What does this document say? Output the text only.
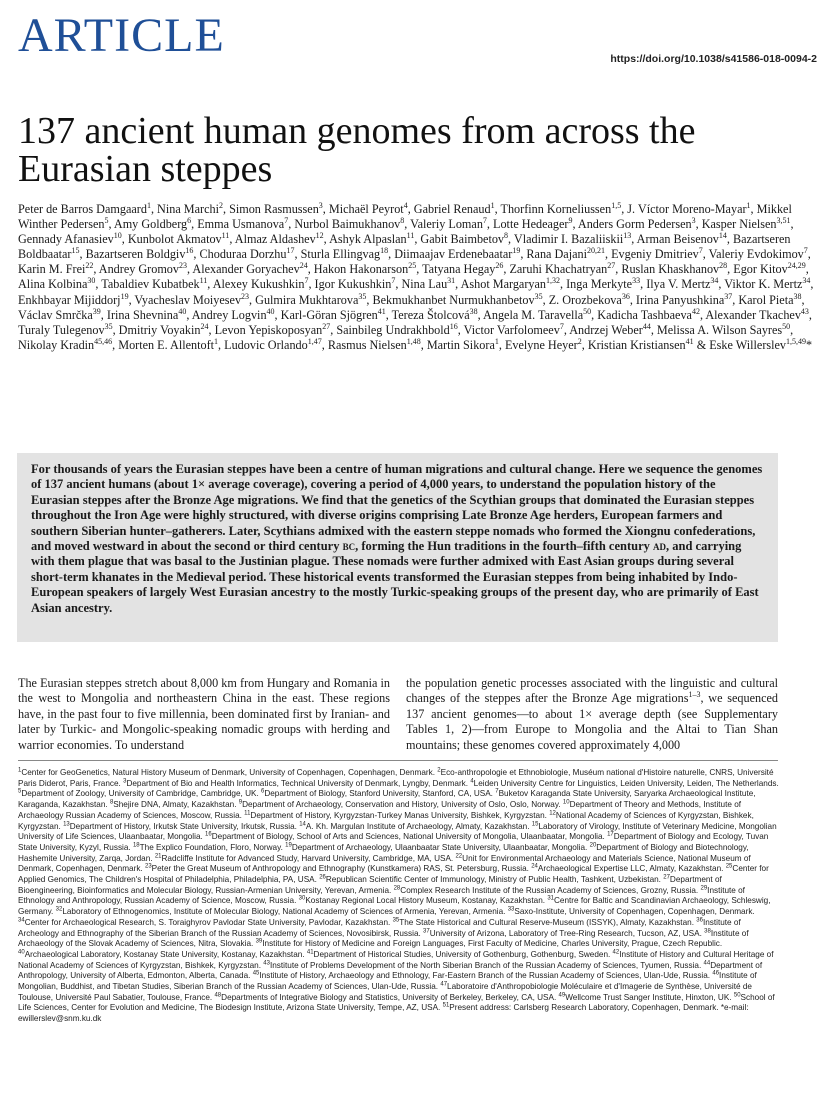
ARTICLE	https://doi.org/10.1038/s41586-018-0094-2
137 ancient human genomes from across the Eurasian steppes
Peter de Barros Damgaard$^1$, Nina Marchi$^2$, Simon Rasmussen$^3$, Michaël Peyrot$^4$, Gabriel Renaud$^1$, Thorfinn Korneliussen$^{1,5}$, J. Víctor Moreno-Mayar$^1$, Mikkel Winther Pedersen$^5$, Amy Goldberg$^6$, Emma Usmanova$^7$, Nurbol Baimukhanov$^8$, Valeriy Loman$^7$, Lotte Hedeager$^9$, Anders Gorm Pedersen$^3$, Kasper Nielsen$^{3,51}$, Gennady Afanasiev$^{10}$, Kunbolot Akmatov$^{11}$, Almaz Aldashev$^{12}$, Ashyk Alpaslan$^{11}$, Gabit Baimbetov$^8$, Vladimir I. Bazaliiskii$^{13}$, Arman Beisenov$^{14}$, Bazartseren Boldbaatar$^{15}$, Bazartseren Boldgiv$^{16}$, Choduraa Dorzhu$^{17}$, Sturla Ellingvag$^{18}$, Diimaajav Erdenebaatar$^{19}$, Rana Dajani$^{20,21}$, Evgeniy Dmitriev$^7$, Valeriy Evdokimov$^7$, Karin M. Frei$^{22}$, Andrey Gromov$^{23}$, Alexander Goryachev$^{24}$, Hakon Hakonarson$^{25}$, Tatyana Hegay$^{26}$, Zaruhi Khachatryan$^{27}$, Ruslan Khaskhanov$^{28}$, Egor Kitov$^{24,29}$, Alina Kolbina$^{30}$, Tabaldiev Kubatbek$^{11}$, Alexey Kukushkin$^7$, Igor Kukushkin$^7$, Nina Lau$^{31}$, Ashot Margaryan$^{1,32}$, Inga Merkyte$^{33}$, Ilya V. Mertz$^{34}$, Viktor K. Mertz$^{34}$, Enkhbayar Mijiddorj$^{19}$, Vyacheslav Moiyesev$^{23}$, Gulmira Mukhtarova$^{35}$, Bekmukhanbet Nurmukhanbetov$^{35}$, Z. Orozbekova$^{36}$, Irina Panyushkina$^{37}$, Karol Pieta$^{38}$, Václav Smrčka$^{39}$, Irina Shevnina$^{40}$, Andrey Logvin$^{40}$, Karl-Göran Sjögren$^{41}$, Tereza Štolcová$^{38}$, Angela M. Taravella$^{50}$, Kadicha Tashbaeva$^{42}$, Alexander Tkachev$^{43}$, Turaly Tulegenov$^{35}$, Dmitriy Voyakin$^{24}$, Levon Yepiskoposyan$^{27}$, Sainbileg Undrakhbold$^{16}$, Victor Varfolomeev$^7$, Andrzej Weber$^{44}$, Melissa A. Wilson Sayres$^{50}$, Nikolay Kradin$^{45,46}$, Morten E. Allentoft$^1$, Ludovic Orlando$^{1,47}$, Rasmus Nielsen$^{1,48}$, Martin Sikora$^1$, Evelyne Heyer$^2$, Kristian Kristiansen$^{41}$ & Eske Willerslev$^{1,5,49}$*

For thousands of years the Eurasian steppes have been a centre of human migrations and cultural change. Here we sequence the genomes of 137 ancient humans (about 1× average coverage), covering a period of 4,000 years, to understand the population history of the Eurasian steppes after the Bronze Age migrations. We find that the genetics of the Scythian groups that dominated the Eurasian steppes throughout the Iron Age were highly structured, with diverse origins comprising Late Bronze Age herders, European farmers and southern Siberian hunter–gatherers. Later, Scythians admixed with the eastern steppe nomads who formed the Xiongnu confederations, and moved westward in about the second or third century bc, forming the Hun traditions in the fourth–fifth century ad, and carrying with them plague that was basal to the Justinian plague. These nomads were further admixed with East Asian groups during several short-term khanates in the Medieval period. These historical events transformed the Eurasian steppes from being inhabited by Indo-European speakers of largely West Eurasian ancestry to the mostly Turkic-speaking groups of the present day, who are primarily of East Asian ancestry.

The Eurasian steppes stretch about 8,000 km from Hungary and Romania in the west to Mongolia and northeastern China in the east. These regions have, in the past four to five millennia, been dominated first by Iranian- and later by Turkic- and Mongolic-speaking nomadic groups with herding and warrior economies. To understand
the population genetic processes associated with the linguistic and cultural changes of the steppes after the Bronze Age migrations$^{1-3}$, we sequenced 137 ancient genomes—to about 1× average depth (see Supplementary Tables 1, 2)—from Europe to Mongolia and the Altai to Tian Shan mountains; these genomes covered approximately 4,000
$^1$Center for GeoGenetics, Natural History Museum of Denmark, University of Copenhagen, Copenhagen, Denmark. $^2$Eco-anthropologie et Ethnobiologie, Muséum national d'Histoire naturelle, CNRS, Université Paris Diderot, Paris, France. $^3$Department of Bio and Health Informatics, Technical University of Denmark, Lyngby, Denmark. $^4$Leiden University Centre for Linguistics, Leiden University, Leiden, The Netherlands. $^5$Department of Zoology, University of Cambridge, Cambridge, UK. $^6$Department of Biology, Stanford University, Stanford, CA, USA. $^7$Buketov Karaganda State University, Saryarka Archaeological Institute, Karaganda, Kazakhstan. $^8$Shejire DNA, Almaty, Kazakhstan. $^9$Department of Archaeology, Conservation and History, University of Oslo, Oslo, Norway. $^{10}$Department of Theory and Methods, Institute of Archaeology Russian Academy of Sciences, Moscow, Russia. $^{11}$Department of History, Kyrgyzstan-Turkey Manas University, Bishkek, Kyrgyzstan. $^{12}$National Academy of Sciences of Kyrgyzstan, Bishkek, Kyrgyzstan. $^{13}$Department of History, Irkutsk State University, Irkutsk, Russia. $^{14}$A. Kh. Margulan Institute of Archaeology, Almaty, Kazakhstan. $^{15}$Laboratory of Virology, Institute of Veterinary Medicine, Mongolian University of Life Sciences, Ulaanbaatar, Mongolia. $^{16}$Department of Biology, School of Arts and Sciences, National University of Mongolia, Ulaanbaatar, Mongolia. $^{17}$Department of Biology and Ecology, Tuvan State University, Kyzyl, Russia. $^{18}$The Explico Foundation, Floro, Norway. $^{19}$Department of Archaeology, Ulaanbaatar State University, Ulaanbaatar, Mongolia. $^{20}$Department of Biology and Biotechnology, Hashemite University, Zarqa, Jordan. $^{21}$Radcliffe Institute for Advanced Study, Harvard University, Cambridge, MA, USA. $^{22}$Unit for Environmental Archaeology and Materials Science, National Museum of Denmark, Copenhagen, Denmark. $^{23}$Peter the Great Museum of Anthropology and Ethnography (Kunstkamera) RAS, St. Petersburg, Russia. $^{24}$Archaeological Expertise LLC, Almaty, Kazakhstan. $^{25}$Center for Applied Genomics, The Children's Hospital of Philadelphia, Philadelphia, PA, USA. $^{26}$Republican Scientific Center of Immunology, Ministry of Public Health, Tashkent, Uzbekistan. $^{27}$Department of Bioengineering, Bioinformatics and Molecular Biology, Russian-Armenian University, Yerevan, Armenia. $^{28}$Complex Research Institute of the Russian Academy of Sciences, Grozny, Russia. $^{29}$Institute of Ethnology and Anthropology, Russian Academy of Science, Moscow, Russia. $^{30}$Kostanay Regional Local History Museum, Kostanay, Kazakhstan. $^{31}$Centre for Baltic and Scandinavian Archaeology, Schleswig, Germany. $^{32}$Laboratory of Ethnogenomics, Institute of Molecular Biology, National Academy of Sciences of Armenia, Yerevan, Armenia. $^{33}$Saxo-Institute, University of Copenhagen, Copenhagen, Denmark. $^{34}$Center for Archaeological Research, S. Toraighyrov Pavlodar State University, Pavlodar, Kazakhstan. $^{35}$The State Historical and Cultural Reserve-Museum (ISSYK), Almaty, Kazakhstan. $^{36}$Institute of Archeology and Ethnography of the Siberian Branch of the Russian Academy of Sciences, Novosibirsk, Russia. $^{37}$University of Arizona, Laboratory of Tree-Ring Research, Tucson, AZ, USA. $^{38}$Institute of Archaeology of the Slovak Academy of Sciences, Nitra, Slovakia. $^{39}$Institute for History of Medicine and Foreign Languages, First Faculty of Medicine, Charles University, Prague, Czech Republic. $^{40}$Archaeological Laboratory, Kostanay State University, Kostanay, Kazakhstan. $^{41}$Department of Historical Studies, University of Gothenburg, Gothenburg, Sweden. $^{42}$Institute of History and Cultural Heritage of National Academy of Sciences of Kyrgyzstan, Bishkek, Kyrgyzstan. $^{43}$Institute of Problems Development of the North Siberian Branch of the Russian Academy of Sciences, Tyumen, Russia. $^{44}$Department of Anthropology, University of Alberta, Edmonton, Alberta, Canada. $^{45}$Institute of History, Archaeology and Ethnology, Far-Eastern Branch of the Russian Academy of Sciences, Ulan-Ude, Russia. $^{46}$Institute of Mongolian, Buddhist, and Tibetan Studies, Siberian Branch of the Russian Academy of Sciences, Ulan-Ude, Russia. $^{47}$Laboratoire d'Anthropobiologie Moléculaire et d'Imagerie de Synthèse, Université de Toulouse, Université Paul Sabatier, Toulouse, France. $^{48}$Departments of Integrative Biology and Statistics, University of Berkeley, Berkeley, CA, USA. $^{49}$Wellcome Trust Sanger Institute, Hinxton, UK. $^{50}$School of Life Sciences, Center for Evolution and Medicine, The Biodesign Institute, Arizona State University, Tempe, AZ, USA. $^{51}$Present address: Carlsberg Research Laboratory, Copenhagen, Denmark. *e-mail: ewillerslev@snm.ku.dk
